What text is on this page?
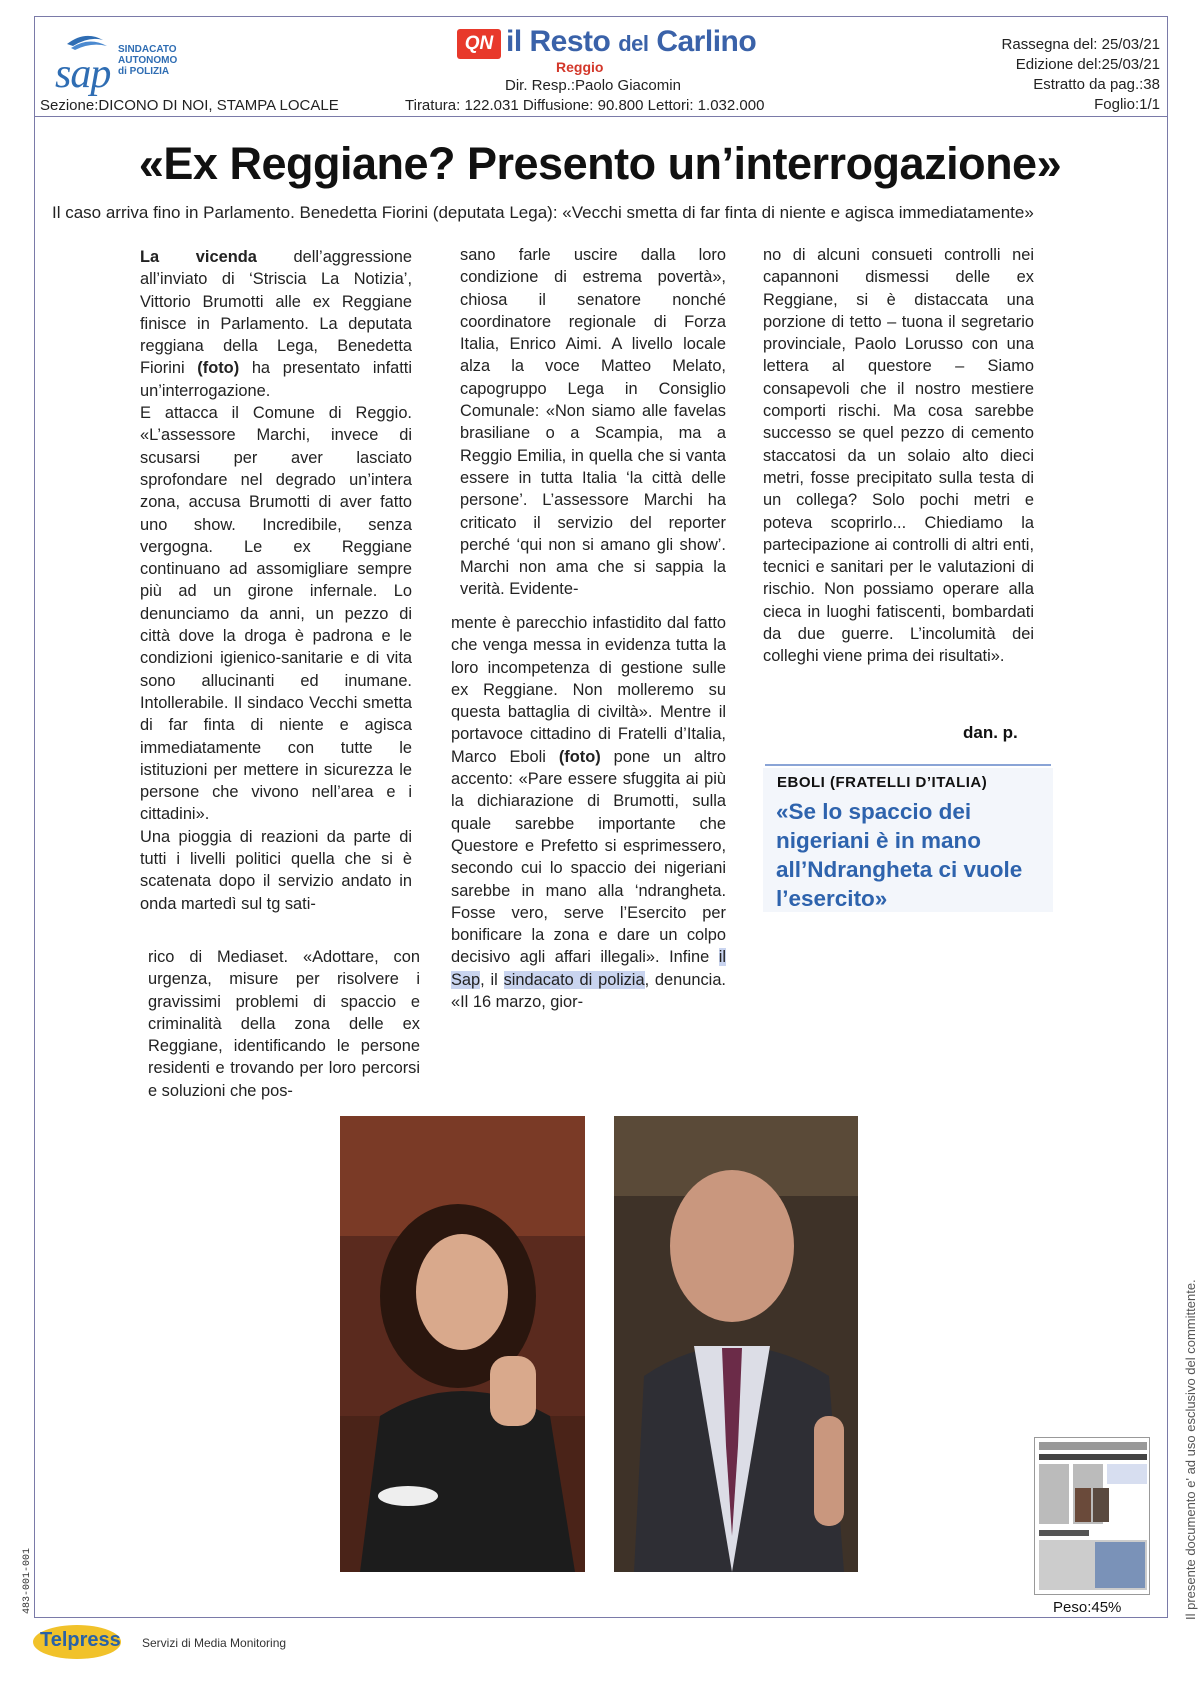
sap
SINDACATO
AUTONOMO
di POLIZIA
QN il Resto del Carlino
Reggio
Dir. Resp.:Paolo Giacomin
Tiratura: 122.031 Diffusione: 90.800 Lettori: 1.032.000
Sezione:DICONO DI NOI, STAMPA LOCALE
Rassegna del: 25/03/21
Edizione del:25/03/21
Estratto da pag.:38
Foglio:1/1
«Ex Reggiane? Presento un’interrogazione»
Il caso arriva fino in Parlamento. Benedetta Fiorini (deputata Lega): «Vecchi smetta di far finta di niente e agisca immediatamente»

La vicenda dell’aggressione all’inviato di ‘Striscia La Notizia’, Vittorio Brumotti alle ex Reggiane finisce in Parlamento. La deputata reggiana della Lega, Benedetta Fiorini (foto) ha presentato infatti un’interrogazione.

E attacca il Comune di Reggio. «L’assessore Marchi, invece di scusarsi per aver lasciato sprofondare nel degrado un’intera zona, accusa Brumotti di aver fatto uno show. Incredibile, senza vergogna. Le ex Reggiane continuano ad assomigliare sempre più ad un girone infernale. Lo denunciamo da anni, un pezzo di città dove la droga è padrona e le condizioni igienico-sanitarie e di vita sono allucinanti ed inumane. Intollerabile. Il sindaco Vecchi smetta di far finta di niente e agisca immediatamente con tutte le istituzioni per mettere in sicurezza le persone che vivono nell’area e i cittadini».

Una pioggia di reazioni da parte di tutti i livelli politici quella che si è scatenata dopo il servizio andato in onda martedì sul tg sati-

rico di Mediaset. «Adottare, con urgenza, misure per risolvere i gravissimi problemi di spaccio e criminalità della zona delle ex Reggiane, identificando le persone residenti e trovando per loro percorsi e soluzioni che pos-

sano farle uscire dalla loro condizione di estrema povertà», chiosa il senatore nonché coordinatore regionale di Forza Italia, Enrico Aimi. A livello locale alza la voce Matteo Melato, capogruppo Lega in Consiglio Comunale: «Non siamo alle favelas brasiliane o a Scampia, ma a Reggio Emilia, in quella che si vanta essere in tutta Italia ‘la città delle persone’. L’assessore Marchi ha criticato il servizio del reporter perché ‘qui non si amano gli show’. Marchi non ama che si sappia la verità. Evidente-

mente è parecchio infastidito dal fatto che venga messa in evidenza tutta la loro incompetenza di gestione sulle ex Reggiane. Non molleremo su questa battaglia di civiltà». Mentre il portavoce cittadino di Fratelli d’Italia, Marco Eboli (foto) pone un altro accento: «Pare essere sfuggita ai più la dichiarazione di Brumotti, sulla quale sarebbe importante che Questore e Prefetto si esprimessero, secondo cui lo spaccio dei nigeriani sarebbe in mano alla ‘ndrangheta. Fosse vero, serve l’Esercito per bonificare la zona e dare un colpo decisivo agli affari illegali». Infine il Sap, il sindacato di polizia, denuncia. «Il 16 marzo, gior-

no di alcuni consueti controlli nei capannoni dismessi delle ex Reggiane, si è distaccata una porzione di tetto – tuona il segretario provinciale, Paolo Lorusso con una lettera al questore – Siamo consapevoli che il nostro mestiere comporti rischi. Ma cosa sarebbe successo se quel pezzo di cemento staccatosi da un solaio alto dieci metri, fosse precipitato sulla testa di un collega? Solo pochi metri e poteva scoprirlo... Chiediamo la partecipazione ai controlli di altri enti, tecnici e sanitari per le valutazioni di rischio. Non possiamo operare alla cieca in luoghi fatiscenti, bombardati da due guerre. L’incolumità dei colleghi viene prima dei risultati».

dan. p.
EBOLI (FRATELLI D’ITALIA)
«Se lo spaccio dei nigeriani è in mano all’Ndrangheta ci vuole l’esercito»
Peso:45%	Il presente documento e' ad uso esclusivo del committente.
483-001-001
Telpress Servizi di Media Monitoring
